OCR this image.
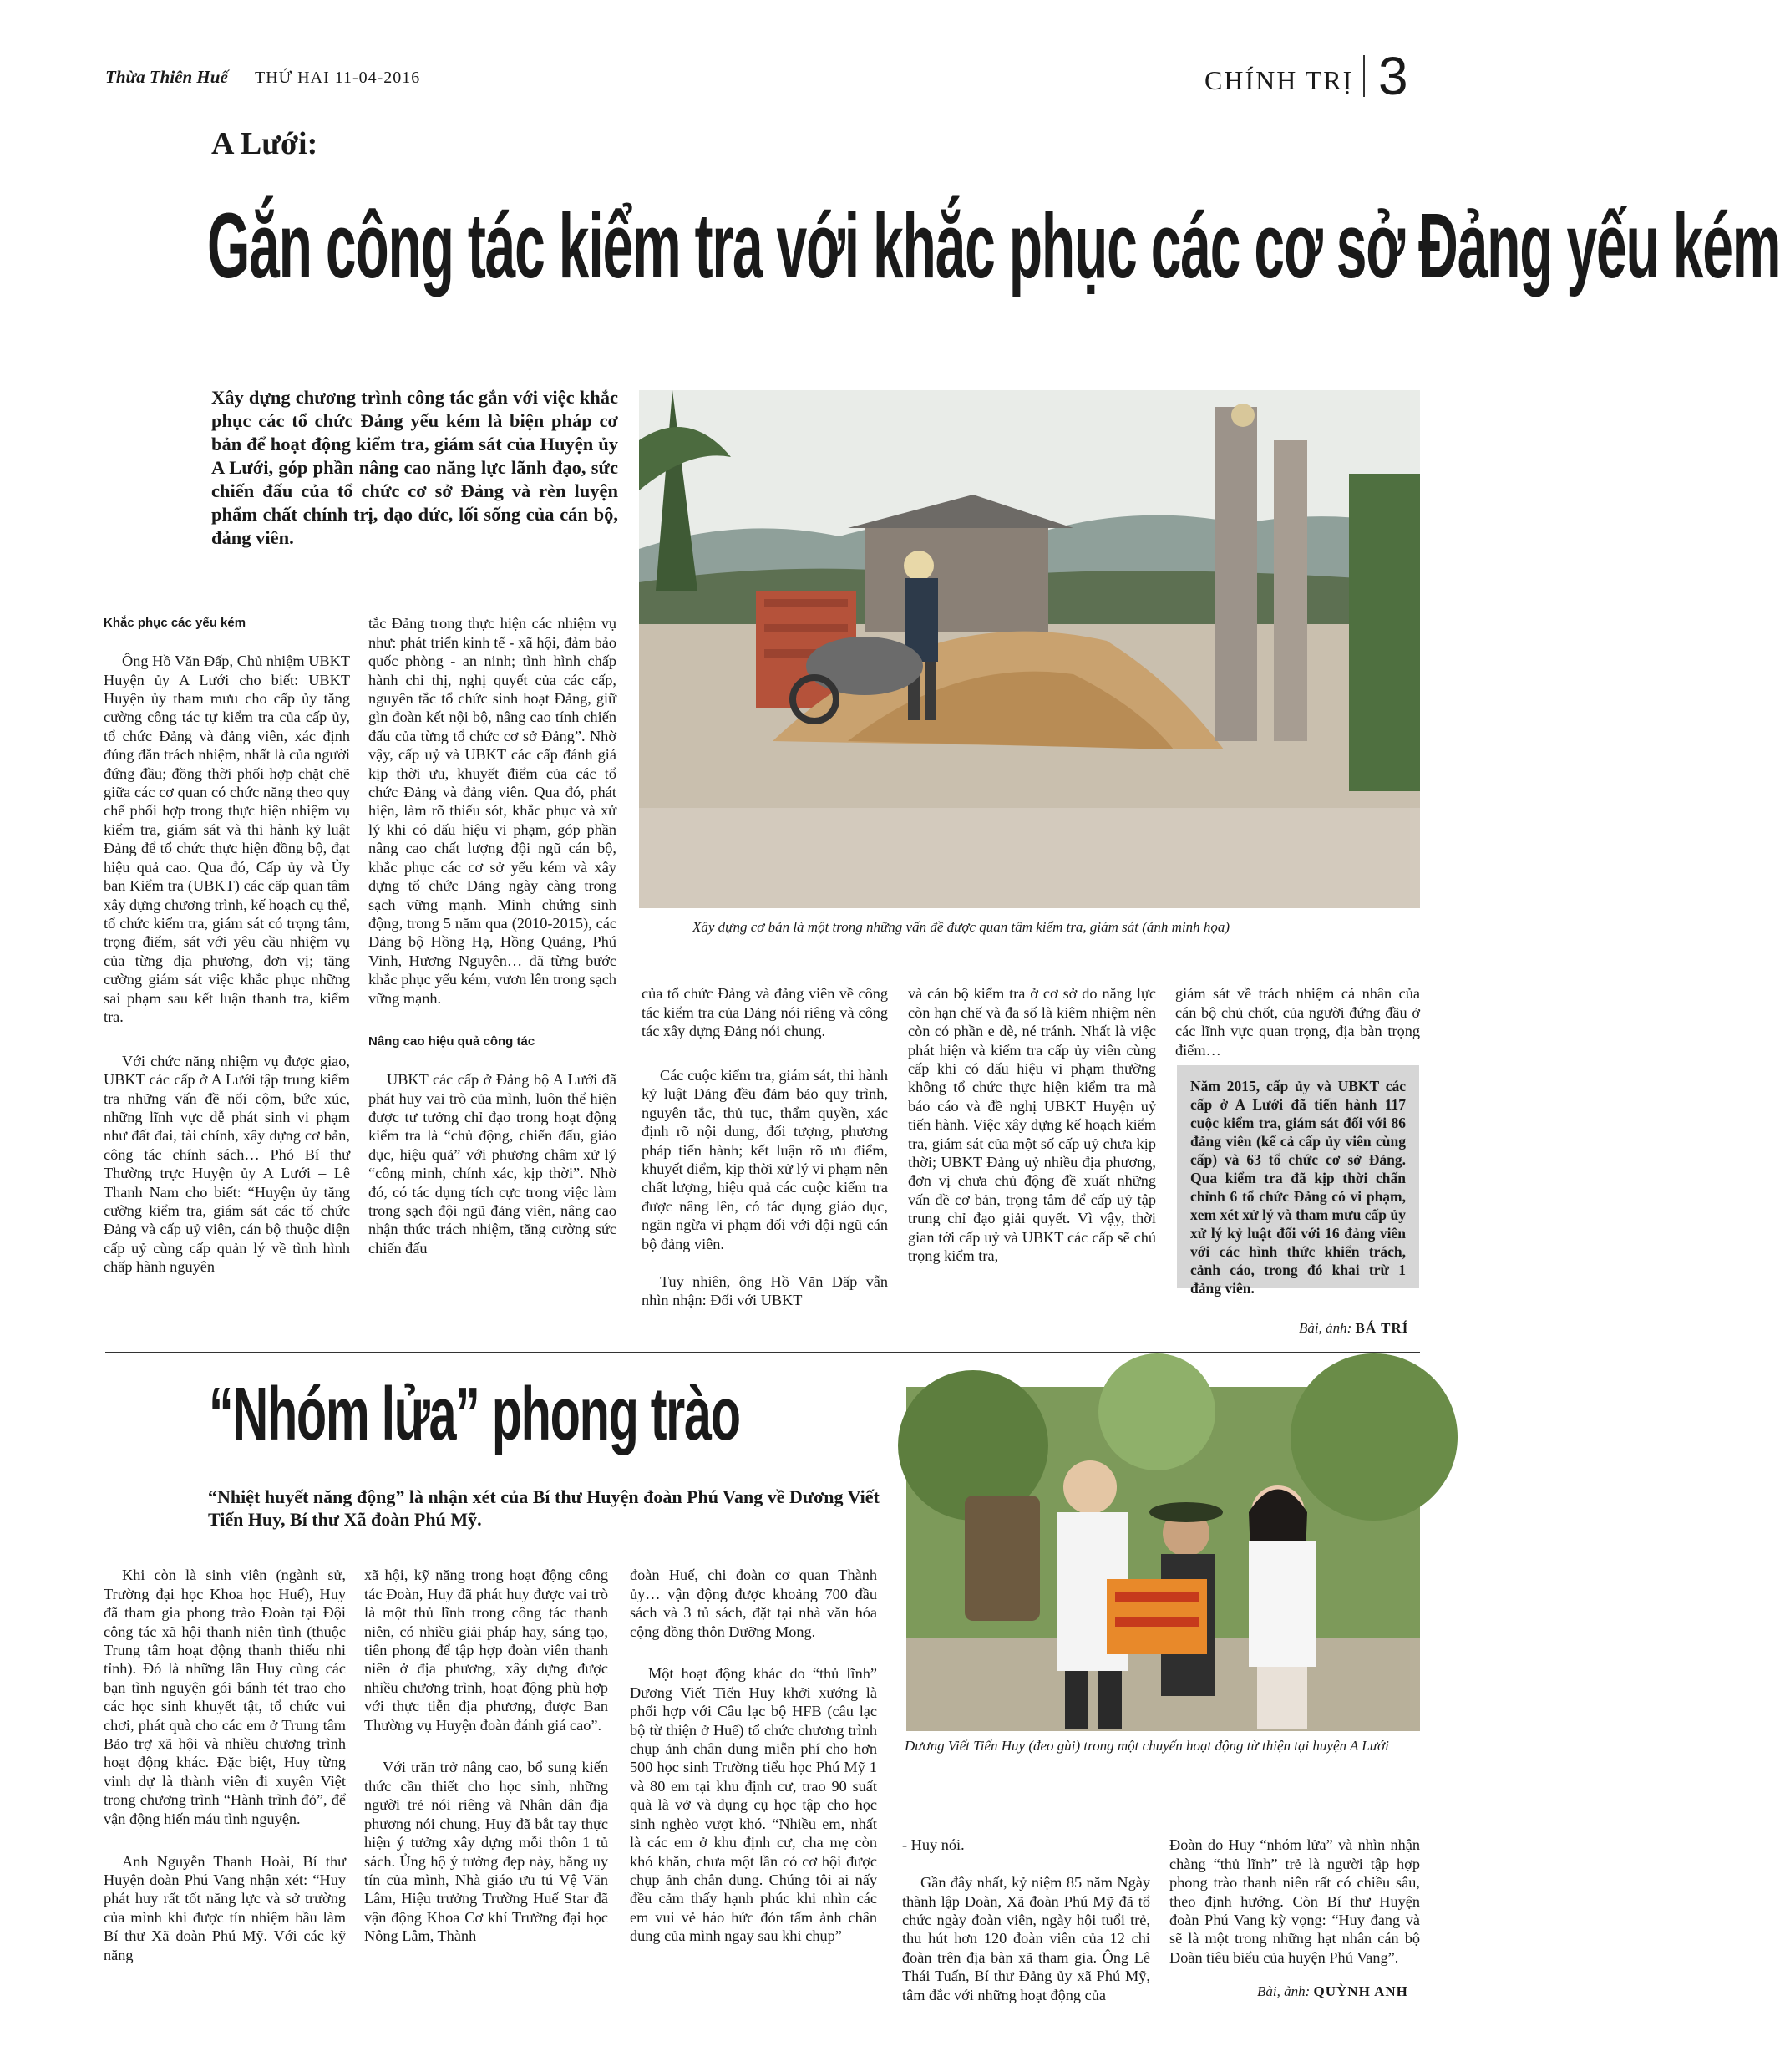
Thừa Thiên Huế THỨ HAI 11-04-2016	CHÍNH TRỊ 3
A Lưới:
Gắn công tác kiểm tra với khắc phục các cơ sở Đảng yếu kém
Xây dựng chương trình công tác gắn với việc khắc phục các tổ chức Đảng yếu kém là biện pháp cơ bản để hoạt động kiểm tra, giám sát của Huyện ủy A Lưới, góp phần nâng cao năng lực lãnh đạo, sức chiến đấu của tổ chức cơ sở Đảng và rèn luyện phẩm chất chính trị, đạo đức, lối sống của cán bộ, đảng viên.
Xây dựng cơ bản là một trong những vấn đề được quan tâm kiểm tra, giám sát (ảnh minh họa)

Khắc phục các yếu kém

Ông Hồ Văn Đấp, Chủ nhiệm UBKT Huyện ủy A Lưới cho biết: UBKT Huyện ủy tham mưu cho cấp ủy tăng cường công tác tự kiểm tra của cấp ủy, tổ chức Đảng và đảng viên, xác định đúng đắn trách nhiệm, nhất là của người đứng đầu; đồng thời phối hợp chặt chẽ giữa các cơ quan có chức năng theo quy chế phối hợp trong thực hiện nhiệm vụ kiểm tra, giám sát và thi hành kỷ luật Đảng để tổ chức thực hiện đồng bộ, đạt hiệu quả cao. Qua đó, Cấp ủy và Ủy ban Kiểm tra (UBKT) các cấp quan tâm xây dựng chương trình, kế hoạch cụ thể, tổ chức kiểm tra, giám sát có trọng tâm, trọng điểm, sát với yêu cầu nhiệm vụ của từng địa phương, đơn vị; tăng cường giám sát việc khắc phục những sai phạm sau kết luận thanh tra, kiểm tra.

Với chức năng nhiệm vụ được giao, UBKT các cấp ở A Lưới tập trung kiểm tra những vấn đề nổi cộm, bức xúc, những lĩnh vực dễ phát sinh vi phạm như đất đai, tài chính, xây dựng cơ bản, công tác chính sách… Phó Bí thư Thường trực Huyện ủy A Lưới – Lê Thanh Nam cho biết: “Huyện ủy tăng cường kiểm tra, giám sát các tổ chức Đảng và cấp uỷ viên, cán bộ thuộc diện cấp uỷ cùng cấp quản lý về tình hình chấp hành nguyên

tắc Đảng trong thực hiện các nhiệm vụ như: phát triển kinh tế - xã hội, đảm bảo quốc phòng - an ninh; tình hình chấp hành chỉ thị, nghị quyết của các cấp, nguyên tắc tổ chức sinh hoạt Đảng, giữ gìn đoàn kết nội bộ, nâng cao tính chiến đấu của từng tổ chức cơ sở Đảng”. Nhờ vậy, cấp uỷ và UBKT các cấp đánh giá kịp thời ưu, khuyết điểm của các tổ chức Đảng và đảng viên. Qua đó, phát hiện, làm rõ thiếu sót, khắc phục và xử lý khi có dấu hiệu vi phạm, góp phần nâng cao chất lượng đội ngũ cán bộ, khắc phục các cơ sở yếu kém và xây dựng tổ chức Đảng ngày càng trong sạch vững mạnh. Minh chứng sinh động, trong 5 năm qua (2010-2015), các Đảng bộ Hồng Hạ, Hồng Quảng, Phú Vinh, Hương Nguyên… đã từng bước khắc phục yếu kém, vươn lên trong sạch vững mạnh.

Nâng cao hiệu quả công tác

UBKT các cấp ở Đảng bộ A Lưới đã phát huy vai trò của mình, luôn thể hiện được tư tưởng chỉ đạo trong hoạt động kiểm tra là “chủ động, chiến đấu, giáo dục, hiệu quả” với phương châm xử lý “công minh, chính xác, kịp thời”. Nhờ đó, có tác dụng tích cực trong việc làm trong sạch đội ngũ đảng viên, nâng cao nhận thức trách nhiệm, tăng cường sức chiến đấu

của tổ chức Đảng và đảng viên về công tác kiểm tra của Đảng nói riêng và công tác xây dựng Đảng nói chung.

Các cuộc kiểm tra, giám sát, thi hành kỷ luật Đảng đều đảm bảo quy trình, nguyên tắc, thủ tục, thẩm quyền, xác định rõ nội dung, đối tượng, phương pháp tiến hành; kết luận rõ ưu điểm, khuyết điểm, kịp thời xử lý vi phạm nên chất lượng, hiệu quả các cuộc kiểm tra được nâng lên, có tác dụng giáo dục, ngăn ngừa vi phạm đối với đội ngũ cán bộ đảng viên.

Tuy nhiên, ông Hồ Văn Đấp vẫn nhìn nhận: Đối với UBKT

và cán bộ kiểm tra ở cơ sở do năng lực còn hạn chế và đa số là kiêm nhiệm nên còn có phần e dè, né tránh. Nhất là việc phát hiện và kiểm tra cấp ủy viên cùng cấp khi có dấu hiệu vi phạm thường không tổ chức thực hiện kiểm tra mà báo cáo và đề nghị UBKT Huyện uỷ tiến hành. Việc xây dựng kế hoạch kiểm tra, giám sát của một số cấp uỷ chưa kịp thời; UBKT Đảng uỷ nhiều địa phương, đơn vị chưa chủ động đề xuất những vấn đề cơ bản, trọng tâm để cấp uỷ tập trung chỉ đạo giải quyết. Vì vậy, thời gian tới cấp uỷ và UBKT các cấp sẽ chú trọng kiểm tra,

giám sát về trách nhiệm cá nhân của cán bộ chủ chốt, của người đứng đầu ở các lĩnh vực quan trọng, địa bàn trọng điểm…

Năm 2015, cấp ủy và UBKT các cấp ở A Lưới đã tiến hành 117 cuộc kiểm tra, giám sát đối với 86 đảng viên (kể cả cấp ủy viên cùng cấp) và 63 tổ chức cơ sở Đảng. Qua kiểm tra đã kịp thời chấn chỉnh 6 tổ chức Đảng có vi phạm, xem xét xử lý và tham mưu cấp ủy xử lý kỷ luật đối với 16 đảng viên với các hình thức khiển trách, cảnh cáo, trong đó khai trừ 1 đảng viên.
Bài, ảnh: BÁ TRÍ
“Nhóm lửa” phong trào
“Nhiệt huyết năng động” là nhận xét của Bí thư Huyện đoàn Phú Vang về Dương Viết Tiến Huy, Bí thư Xã đoàn Phú Mỹ.
Dương Viết Tiến Huy (đeo gùi) trong một chuyến hoạt động từ thiện tại huyện A Lưới

Khi còn là sinh viên (ngành sử, Trường đại học Khoa học Huế), Huy đã tham gia phong trào Đoàn tại Đội công tác xã hội thanh niên tình (thuộc Trung tâm hoạt động thanh thiếu nhi tỉnh). Đó là những lần Huy cùng các bạn tình nguyện gói bánh tét trao cho các học sinh khuyết tật, tổ chức vui chơi, phát quà cho các em ở Trung tâm Bảo trợ xã hội và nhiều chương trình hoạt động khác. Đặc biệt, Huy từng vinh dự là thành viên đi xuyên Việt trong chương trình “Hành trình đỏ”, để vận động hiến máu tình nguyện.

Anh Nguyễn Thanh Hoài, Bí thư Huyện đoàn Phú Vang nhận xét: “Huy phát huy rất tốt năng lực và sở trường của mình khi được tín nhiệm bầu làm Bí thư Xã đoàn Phú Mỹ. Với các kỹ năng

xã hội, kỹ năng trong hoạt động công tác Đoàn, Huy đã phát huy được vai trò là một thủ lĩnh trong công tác thanh niên, có nhiều giải pháp hay, sáng tạo, tiên phong để tập hợp đoàn viên thanh niên ở địa phương, xây dựng được nhiều chương trình, hoạt động phù hợp với thực tiễn địa phương, được Ban Thường vụ Huyện đoàn đánh giá cao”.

Với trăn trở nâng cao, bổ sung kiến thức cần thiết cho học sinh, những người trẻ nói riêng và Nhân dân địa phương nói chung, Huy đã bắt tay thực hiện ý tưởng xây dựng mỗi thôn 1 tủ sách. Ủng hộ ý tưởng đẹp này, bằng uy tín của mình, Nhà giáo ưu tú Vệ Văn Lâm, Hiệu trưởng Trường Huế Star đã vận động Khoa Cơ khí Trường đại học Nông Lâm, Thành

đoàn Huế, chi đoàn cơ quan Thành ủy… vận động được khoảng 700 đầu sách và 3 tủ sách, đặt tại nhà văn hóa cộng đồng thôn Dưỡng Mong.

Một hoạt động khác do “thủ lĩnh” Dương Viết Tiến Huy khởi xướng là phối hợp với Câu lạc bộ HFB (câu lạc bộ từ thiện ở Huế) tổ chức chương trình chụp ảnh chân dung miễn phí cho hơn 500 học sinh Trường tiểu học Phú Mỹ 1 và 80 em tại khu định cư, trao 90 suất quà là vở và dụng cụ học tập cho học sinh nghèo vượt khó. “Nhiều em, nhất là các em ở khu định cư, cha mẹ còn khó khăn, chưa một lần có cơ hội được chụp ảnh chân dung. Chúng tôi ai nấy đều cảm thấy hạnh phúc khi nhìn các em vui vẻ háo hức đón tấm ảnh chân dung của mình ngay sau khi chụp”

- Huy nói.

Gần đây nhất, kỷ niệm 85 năm Ngày thành lập Đoàn, Xã đoàn Phú Mỹ đã tổ chức ngày đoàn viên, ngày hội tuổi trẻ, thu hút hơn 120 đoàn viên của 12 chi đoàn trên địa bàn xã tham gia. Ông Lê Thái Tuấn, Bí thư Đảng ủy xã Phú Mỹ, tâm đắc với những hoạt động của

Đoàn do Huy “nhóm lửa” và nhìn nhận chàng “thủ lĩnh” trẻ là người tập hợp phong trào thanh niên rất có chiều sâu, theo định hướng. Còn Bí thư Huyện đoàn Phú Vang kỳ vọng: “Huy đang và sẽ là một trong những hạt nhân cán bộ Đoàn tiêu biểu của huyện Phú Vang”.

Bài, ảnh: QUỲNH ANH
